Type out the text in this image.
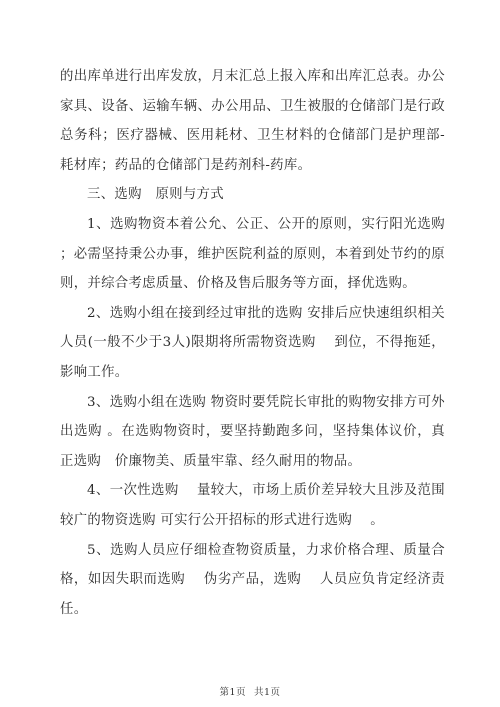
的出库单进行出库发放，月末汇总上报入库和出库汇总表。办公家具、设备、运输车辆、办公用品、卫生被服的仓储部门是行政总务科；医疗器械、医用耗材、卫生材料的仓储部门是护理部-耗材库；药品的仓储部门是药剂科-药库。

三、选购　原则与方式

1、选购物资本着公允、公正、公开的原则，实行阳光选购 ；必需坚持秉公办事，维护医院利益的原则，本着到处节约的原则，并综合考虑质量、价格及售后服务等方面，择优选购。

2、选购小组在接到经过审批的选购 安排后应快速组织相关人员(一般不少于3人)限期将所需物资选购　 到位，不得拖延，影响工作。

3、选购小组在选购 物资时要凭院长审批的购物安排方可外出选购 。在选购物资时，要坚持勤跑多问，坚持集体议价，真正选购　价廉物美、质量牢靠、经久耐用的物品。

4、一次性选购　 量较大，市场上质价差异较大且涉及范围较广的物资选购 可实行公开招标的形式进行选购　 。

5、选购人员应仔细检查物资质量，力求价格合理、质量合格，如因失职而选购　 伪劣产品，选购　 人员应负肯定经济责任。

第1页 共1页
